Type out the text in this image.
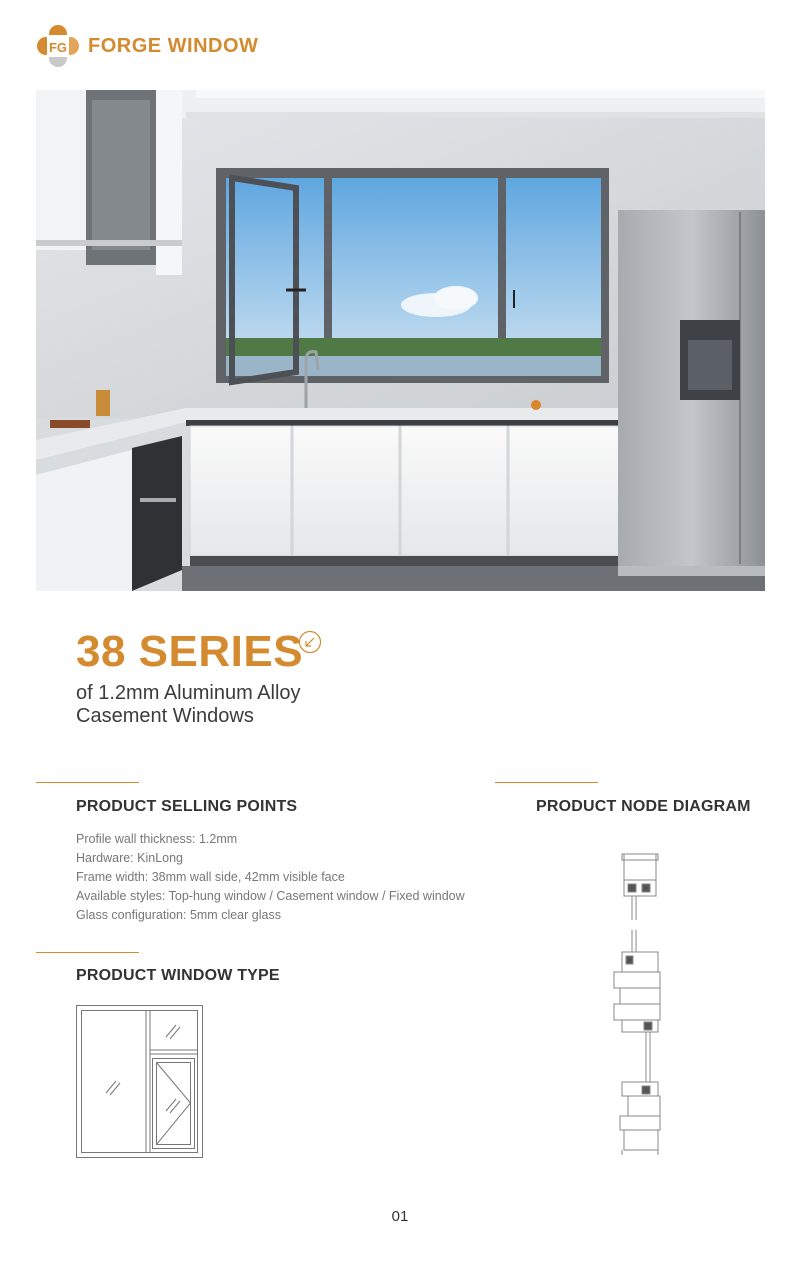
FG FORGE WINDOW
38 SERIES
of 1.2mm Aluminum Alloy
Casement Windows
PRODUCT SELLING POINTS
Profile wall thickness: 1.2mm
Hardware: KinLong
Frame width: 38mm wall side, 42mm visible face
Available styles: Top-hung window / Casement window / Fixed window
Glass configuration: 5mm clear glass
PRODUCT NODE DIAGRAM
PRODUCT WINDOW TYPE
01
